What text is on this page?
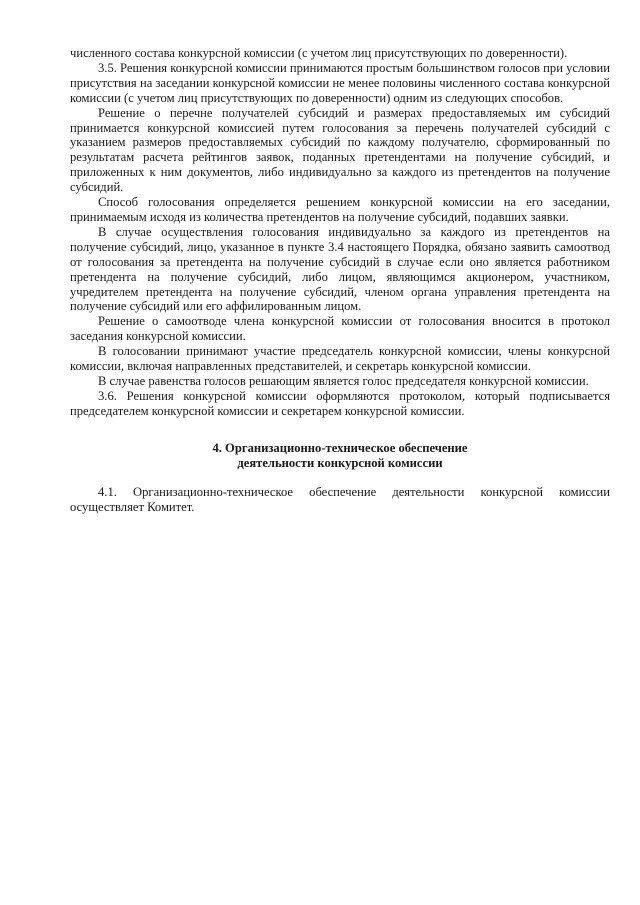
численного состава конкурсной комиссии (с учетом лиц присутствующих по доверенности).

3.5. Решения конкурсной комиссии принимаются простым большинством голосов при условии присутствия на заседании конкурсной комиссии не менее половины численного состава конкурсной комиссии (с учетом лиц присутствующих по доверенности) одним из следующих способов.

Решение о перечне получателей субсидий и размерах предоставляемых им субсидий принимается конкурсной комиссией путем голосования за перечень получателей субсидий с указанием размеров предоставляемых субсидий по каждому получателю, сформированный по результатам расчета рейтингов заявок, поданных претендентами на получение субсидий, и приложенных к ним документов, либо индивидуально за каждого из претендентов на получение субсидий.

Способ голосования определяется решением конкурсной комиссии на его заседании, принимаемым исходя из количества претендентов на получение субсидий, подавших заявки.

В случае осуществления голосования индивидуально за каждого из претендентов на получение субсидий, лицо, указанное в пункте 3.4 настоящего Порядка, обязано заявить самоотвод от голосования за претендента на получение субсидий в случае если оно является работником претендента на получение субсидий, либо лицом, являющимся акционером, участником, учредителем претендента на получение субсидий, членом органа управления претендента на получение субсидий или его аффилированным лицом.

Решение о самоотводе члена конкурсной комиссии от голосования вносится в протокол заседания конкурсной комиссии.

В голосовании принимают участие председатель конкурсной комиссии, члены конкурсной комиссии, включая направленных представителей, и секретарь конкурсной комиссии.

В случае равенства голосов решающим является голос председателя конкурсной комиссии.

3.6. Решения конкурсной комиссии оформляются протоколом, который подписывается председателем конкурсной комиссии и секретарем конкурсной комиссии.

4. Организационно-техническое обеспечение
деятельности конкурсной комиссии

4.1. Организационно-техническое обеспечение деятельности конкурсной комиссии осуществляет Комитет.
